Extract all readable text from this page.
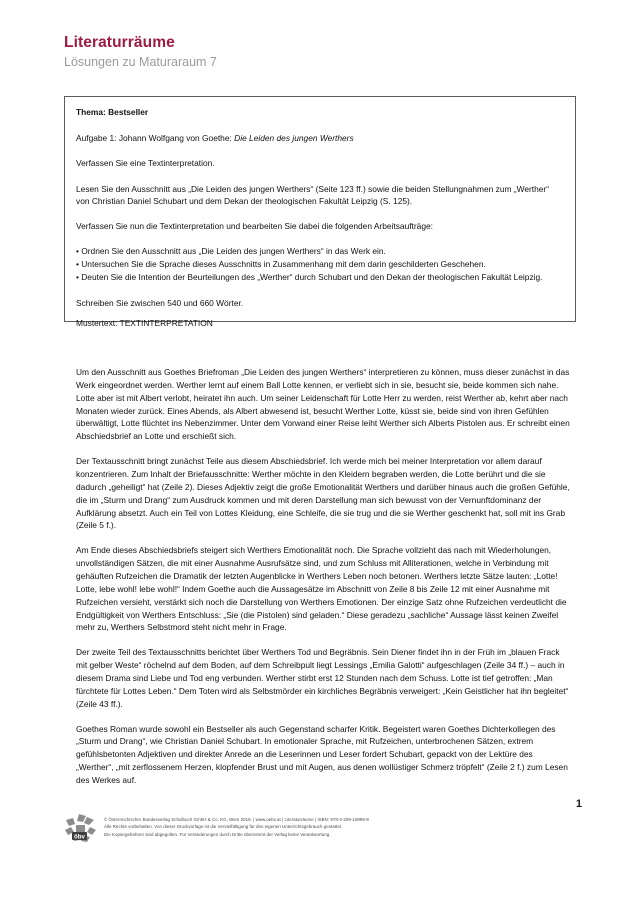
Literaturräume
Lösungen zu Maturaraum 7

Thema: Bestseller

Aufgabe 1: Johann Wolfgang von Goethe: Die Leiden des jungen Werthers

Verfassen Sie eine Textinterpretation.

Lesen Sie den Ausschnitt aus „Die Leiden des jungen Werthers“ (Seite 123 ff.) sowie die beiden Stellungnahmen zum „Werther“ von Christian Daniel Schubart und dem Dekan der theologischen Fakultät Leipzig (S. 125).

Verfassen Sie nun die Textinterpretation und bearbeiten Sie dabei die folgenden Arbeitsaufträge:

• Ordnen Sie den Ausschnitt aus „Die Leiden des jungen Werthers“ in das Werk ein.
• Untersuchen Sie die Sprache dieses Ausschnitts in Zusammenhang mit dem darin geschilderten Geschehen.
• Deuten Sie die Intention der Beurteilungen des „Werther“ durch Schubart und den Dekan der theologischen Fakultät Leipzig.

Schreiben Sie zwischen 540 und 660 Wörter.

Mustertext: TEXTINTERPRETATION

Um den Ausschnitt aus Goethes Briefroman „Die Leiden des jungen Werthers“ interpretieren zu können, muss dieser zunächst in das Werk eingeordnet werden. Werther lernt auf einem Ball Lotte kennen, er verliebt sich in sie, besucht sie, beide kommen sich nahe. Lotte aber ist mit Albert verlobt, heiratet ihn auch. Um seiner Leidenschaft für Lotte Herr zu werden, reist Werther ab, kehrt aber nach Monaten wieder zurück. Eines Abends, als Albert abwesend ist, besucht Werther Lotte, küsst sie, beide sind von ihren Gefühlen überwältigt, Lotte flüchtet ins Nebenzimmer. Unter dem Vorwand einer Reise leiht Werther sich Alberts Pistolen aus. Er schreibt einen Abschiedsbrief an Lotte und erschießt sich.

Der Textausschnitt bringt zunächst Teile aus diesem Abschiedsbrief. Ich werde mich bei meiner Interpretation vor allem darauf konzentrieren. Zum Inhalt der Briefausschnitte: Werther möchte in den Kleidern begraben werden, die Lotte berührt und die sie dadurch „geheiligt“ hat (Zeile 2). Dieses Adjektiv zeigt die große Emotionalität Werthers und darüber hinaus auch die großen Gefühle, die im „Sturm und Drang“ zum Ausdruck kommen und mit deren Darstellung man sich bewusst von der Vernunftdominanz der Aufklärung absetzt. Auch ein Teil von Lottes Kleidung, eine Schleife, die sie trug und die sie Werther geschenkt hat, soll mit ins Grab (Zeile 5 f.).

Am Ende dieses Abschiedsbriefs steigert sich Werthers Emotionalität noch. Die Sprache vollzieht das nach mit Wiederholungen, unvollständigen Sätzen, die mit einer Ausnahme Ausrufsätze sind, und zum Schluss mit Alliterationen, welche in Verbindung mit gehäuften Rufzeichen die Dramatik der letzten Augenblicke in Werthers Leben noch betonen. Werthers letzte Sätze lauten: „Lotte! Lotte, lebe wohl! lebe wohl!“ Indem Goethe auch die Aussagesätze im Abschnitt von Zeile 8 bis Zeile 12 mit einer Ausnahme mit Rufzeichen versieht, verstärkt sich noch die Darstellung von Werthers Emotionen. Der einzige Satz ohne Rufzeichen verdeutlicht die Endgültigkeit von Werthers Entschluss: „Sie (die Pistolen) sind geladen.“ Diese geradezu „sachliche“ Aussage lässt keinen Zweifel mehr zu, Werthers Selbstmord steht nicht mehr in Frage.

Der zweite Teil des Textausschnitts berichtet über Werthers Tod und Begräbnis. Sein Diener findet ihn in der Früh im „blauen Frack mit gelber Weste“ röchelnd auf dem Boden, auf dem Schreibpult liegt Lessings „Emilia Galotti“ aufgeschlagen (Zeile 34 ff.) – auch in diesem Drama sind Liebe und Tod eng verbunden. Werther stirbt erst 12 Stunden nach dem Schuss. Lotte ist tief getroffen: „Man fürchtete für Lottes Leben.“ Dem Toten wird als Selbstmörder ein kirchliches Begräbnis verweigert: „Kein Geistlicher hat ihn begleitet“ (Zeile 43 ff.).

Goethes Roman wurde sowohl ein Bestseller als auch Gegenstand scharfer Kritik. Begeistert waren Goethes Dichterkollegen des „Sturm und Drang“, wie Christian Daniel Schubart. In emotionaler Sprache, mit Rufzeichen, unterbrochenen Sätzen, extrem gefühlsbetonten Adjektiven und direkter Anrede an die Leserinnen und Leser fordert Schubart, gepackt von der Lektüre des „Werther“, „mit zerflossenem Herzen, klopfender Brust und mit Augen, aus denen wollüstiger Schmerz tröpfelt“ (Zeile 2 f.) zum Lesen des Werkes auf.

1
öbv
© Österreichischer Bundesverlag Schulbuch GmbH & Co. KG, Wien 2019. | www.oebv.at | Literaturräume | ISBN: 978-3-209-10899-9
Alle Rechte vorbehalten. Von dieser Druckvorlage ist die Vervielfältigung für den eigenen Unterrichtsgebrauch gestattet.
Die Kopiergebühren sind abgegolten. Für Veränderungen durch Dritte übernimmt der Verlag keine Verantwortung.
